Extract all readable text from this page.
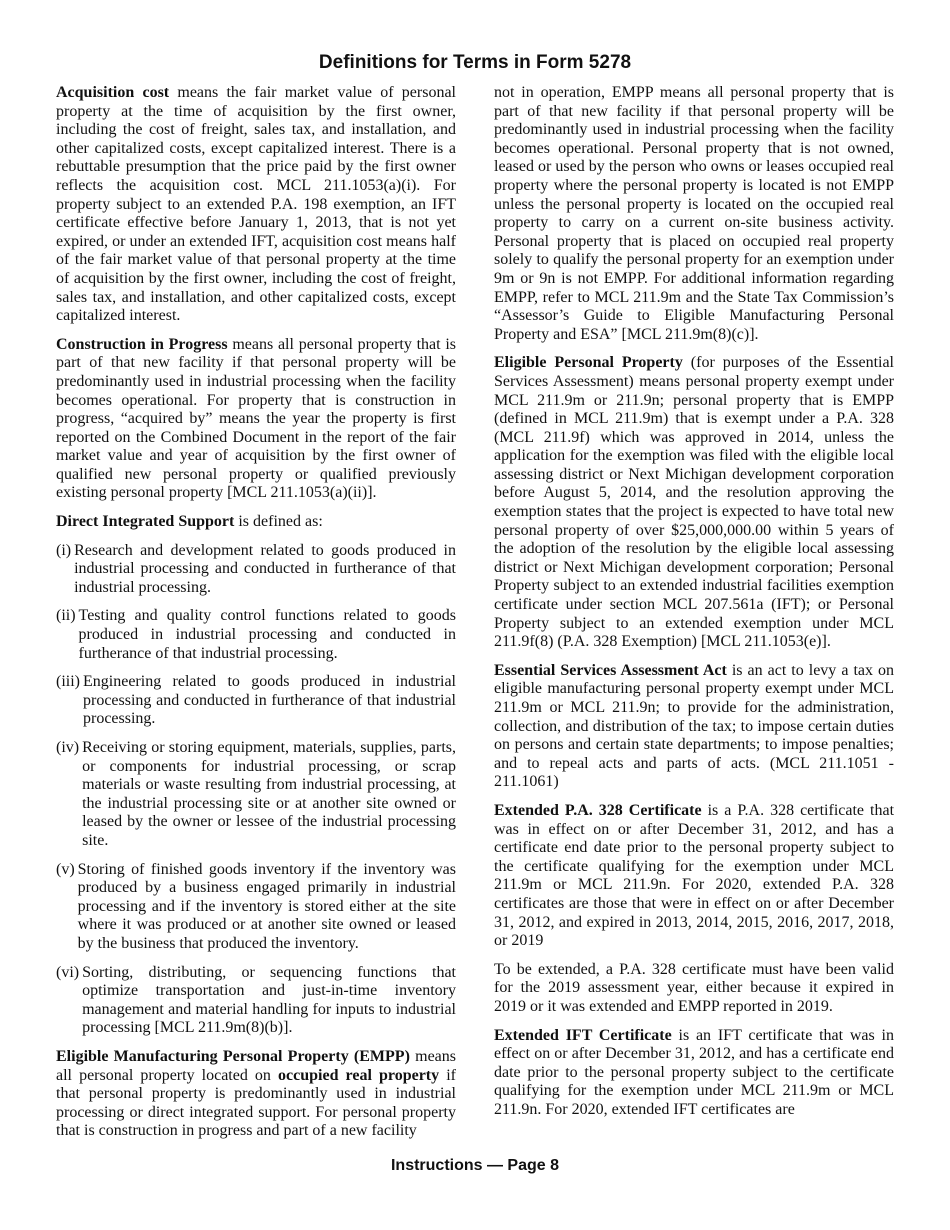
Definitions for Terms in Form 5278

Acquisition cost means the fair market value of personal property at the time of acquisition by the first owner, including the cost of freight, sales tax, and installation, and other capitalized costs, except capitalized interest. There is a rebuttable presumption that the price paid by the first owner reflects the acquisition cost. MCL 211.1053(a)(i). For property subject to an extended P.A. 198 exemption, an IFT certificate effective before January 1, 2013, that is not yet expired, or under an extended IFT, acquisition cost means half of the fair market value of that personal property at the time of acquisition by the first owner, including the cost of freight, sales tax, and installation, and other capitalized costs, except capitalized interest.

Construction in Progress means all personal property that is part of that new facility if that personal property will be predominantly used in industrial processing when the facility becomes operational. For property that is construction in progress, “acquired by” means the year the property is first reported on the Combined Document in the report of the fair market value and year of acquisition by the first owner of qualified new personal property or qualified previously existing personal property [MCL 211.1053(a)(ii)].

Direct Integrated Support is defined as:

(i) Research and development related to goods produced in industrial processing and conducted in furtherance of that industrial processing.
(ii) Testing and quality control functions related to goods produced in industrial processing and conducted in furtherance of that industrial processing.
(iii) Engineering related to goods produced in industrial processing and conducted in furtherance of that industrial processing.
(iv) Receiving or storing equipment, materials, supplies, parts, or components for industrial processing, or scrap materials or waste resulting from industrial processing, at the industrial processing site or at another site owned or leased by the owner or lessee of the industrial processing site.
(v) Storing of finished goods inventory if the inventory was produced by a business engaged primarily in industrial processing and if the inventory is stored either at the site where it was produced or at another site owned or leased by the business that produced the inventory.
(vi) Sorting, distributing, or sequencing functions that optimize transportation and just-in-time inventory management and material handling for inputs to industrial processing [MCL 211.9m(8)(b)].

Eligible Manufacturing Personal Property (EMPP) means all personal property located on occupied real property if that personal property is predominantly used in industrial processing or direct integrated support. For personal property that is construction in progress and part of a new facility

not in operation, EMPP means all personal property that is part of that new facility if that personal property will be predominantly used in industrial processing when the facility becomes operational. Personal property that is not owned, leased or used by the person who owns or leases occupied real property where the personal property is located is not EMPP unless the personal property is located on the occupied real property to carry on a current on-site business activity. Personal property that is placed on occupied real property solely to qualify the personal property for an exemption under 9m or 9n is not EMPP. For additional information regarding EMPP, refer to MCL 211.9m and the State Tax Commission’s “Assessor’s Guide to Eligible Manufacturing Personal Property and ESA” [MCL 211.9m(8)(c)].

Eligible Personal Property (for purposes of the Essential Services Assessment) means personal property exempt under MCL 211.9m or 211.9n; personal property that is EMPP (defined in MCL 211.9m) that is exempt under a P.A. 328 (MCL 211.9f) which was approved in 2014, unless the application for the exemption was filed with the eligible local assessing district or Next Michigan development corporation before August 5, 2014, and the resolution approving the exemption states that the project is expected to have total new personal property of over $25,000,000.00 within 5 years of the adoption of the resolution by the eligible local assessing district or Next Michigan development corporation; Personal Property subject to an extended industrial facilities exemption certificate under section MCL 207.561a (IFT); or Personal Property subject to an extended exemption under MCL 211.9f(8) (P.A. 328 Exemption) [MCL 211.1053(e)].

Essential Services Assessment Act is an act to levy a tax on eligible manufacturing personal property exempt under MCL 211.9m or MCL 211.9n; to provide for the administration, collection, and distribution of the tax; to impose certain duties on persons and certain state departments; to impose penalties; and to repeal acts and parts of acts. (MCL 211.1051 - 211.1061)

Extended P.A. 328 Certificate is a P.A. 328 certificate that was in effect on or after December 31, 2012, and has a certificate end date prior to the personal property subject to the certificate qualifying for the exemption under MCL 211.9m or MCL 211.9n. For 2020, extended P.A. 328 certificates are those that were in effect on or after December 31, 2012, and expired in 2013, 2014, 2015, 2016, 2017, 2018, or 2019

To be extended, a P.A. 328 certificate must have been valid for the 2019 assessment year, either because it expired in 2019 or it was extended and EMPP reported in 2019.

Extended IFT Certificate is an IFT certificate that was in effect on or after December 31, 2012, and has a certificate end date prior to the personal property subject to the certificate qualifying for the exemption under MCL 211.9m or MCL 211.9n. For 2020, extended IFT certificates are

Instructions — Page 8
